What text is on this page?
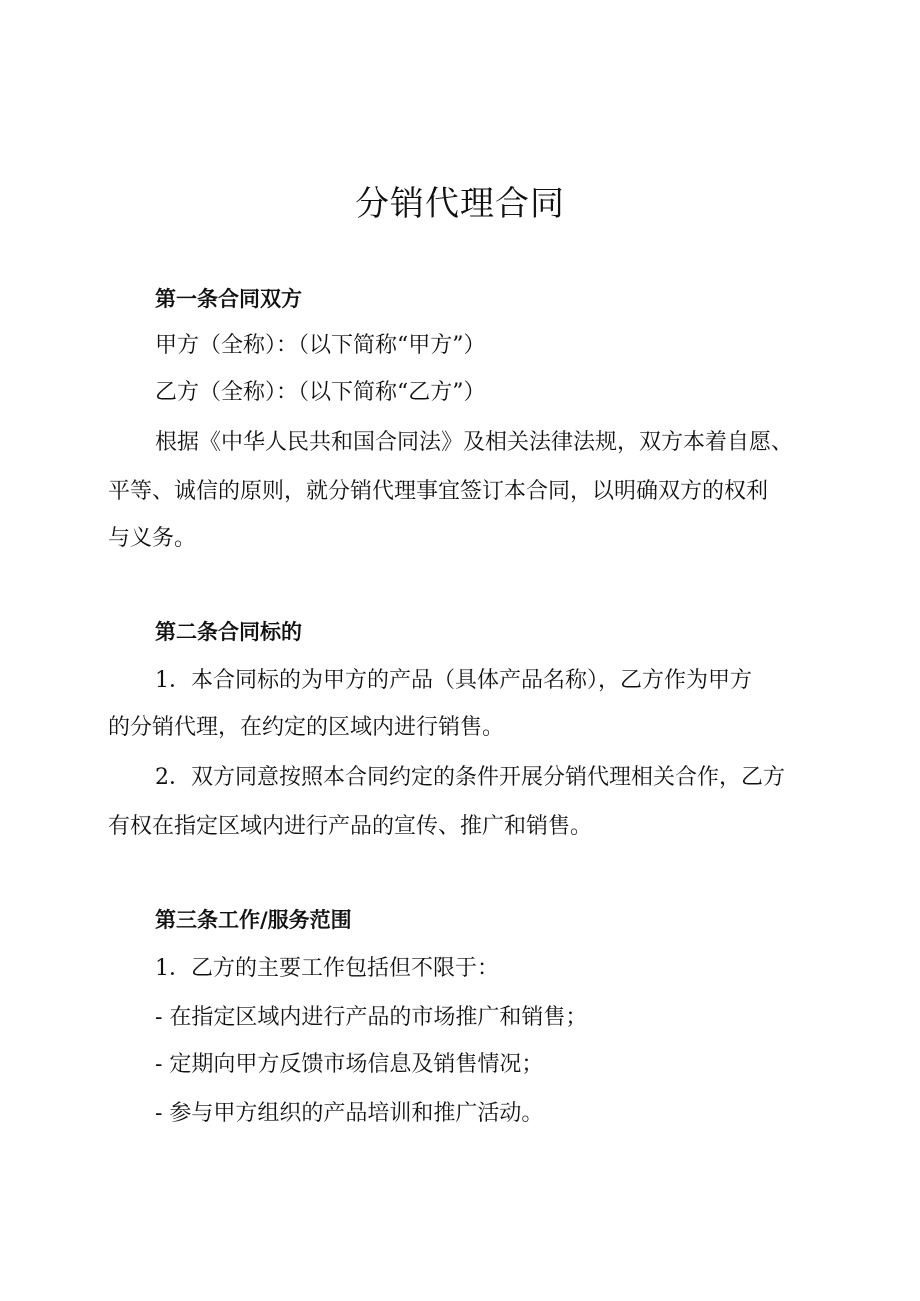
分销代理合同
第一条合同双方
甲方（全称）：（以下简称“甲方”）
乙方（全称）：（以下简称“乙方”）
根据《中华人民共和国合同法》及相关法律法规，双方本着自愿、
平等、诚信的原则，就分销代理事宜签订本合同，以明确双方的权利
与义务。
第二条合同标的
1．本合同标的为甲方的产品（具体产品名称），乙方作为甲方
的分销代理，在约定的区域内进行销售。
2．双方同意按照本合同约定的条件开展分销代理相关合作，乙方
有权在指定区域内进行产品的宣传、推广和销售。
第三条工作/服务范围
1．乙方的主要工作包括但不限于：
- 在指定区域内进行产品的市场推广和销售；
- 定期向甲方反馈市场信息及销售情况；
- 参与甲方组织的产品培训和推广活动。
